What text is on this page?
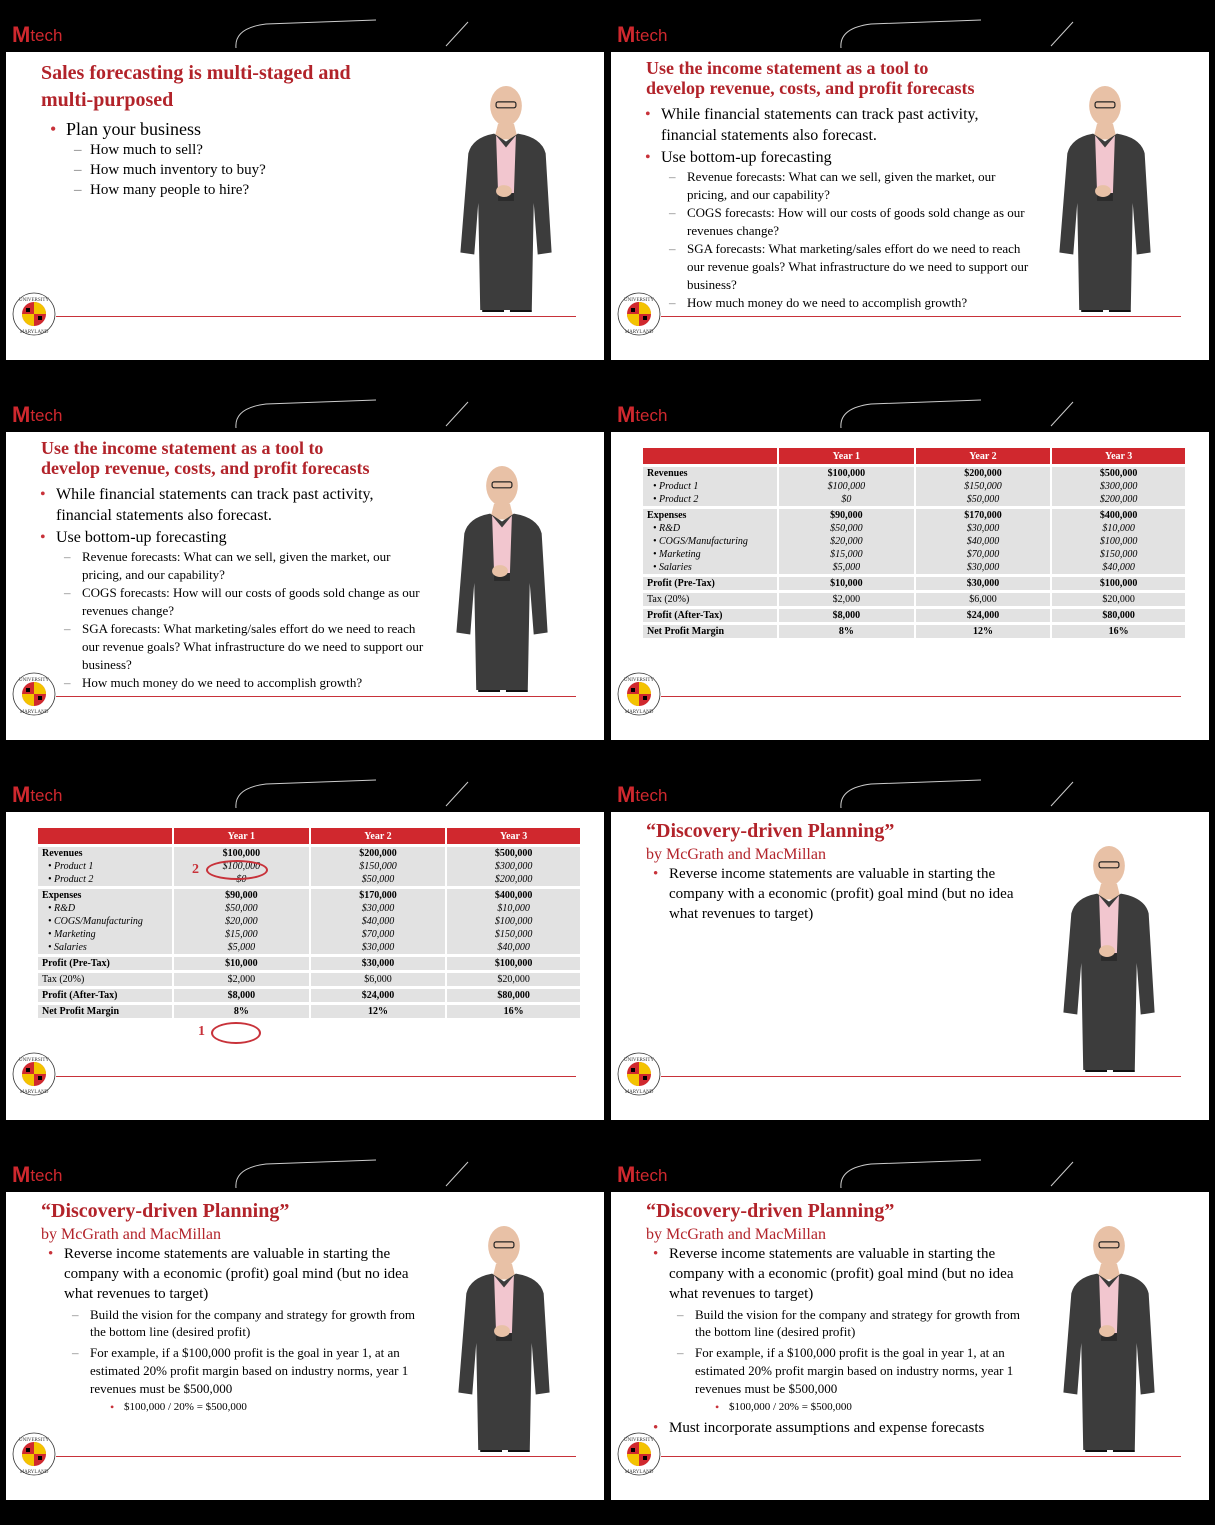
M tech
Sales forecasting is multi-staged and
multi-purposed
• Plan your business
– How much to sell?
– How much inventory to buy?
– How many people to hire?
M tech
Use the income statement as a tool to
develop revenue, costs, and profit forecasts
• While financial statements can track past activity, financial statements also forecast.
• Use bottom-up forecasting
– Revenue forecasts: What can we sell, given the market, our pricing, and our capability?
– COGS forecasts: How will our costs of goods sold change as our revenues change?
– SGA forecasts: What marketing/sales effort do we need to reach our revenue goals? What infrastructure do we need to support our business?
– How much money do we need to accomplish growth?
M tech
Use the income statement as a tool to
develop revenue, costs, and profit forecasts
• While financial statements can track past activity, financial statements also forecast.
• Use bottom-up forecasting
– Revenue forecasts: What can we sell, given the market, our pricing, and our capability?
– COGS forecasts: How will our costs of goods sold change as our revenues change?
– SGA forecasts: What marketing/sales effort do we need to reach our revenue goals? What infrastructure do we need to support our business?
– How much money do we need to accomplish growth?
M tech
	Year 1	Year 2	Year 3
Revenues	$100,000	$200,000	$500,000
• Product 1	$100,000	$150,000	$300,000
• Product 2	$0	$50,000	$200,000
Expenses	$90,000	$170,000	$400,000
• R&D	$50,000	$30,000	$10,000
• COGS/Manufacturing	$20,000	$40,000	$100,000
• Marketing	$15,000	$70,000	$150,000
• Salaries	$5,000	$30,000	$40,000
Profit (Pre-Tax)	$10,000	$30,000	$100,000
Tax (20%)	$2,000	$6,000	$20,000
Profit (After-Tax)	$8,000	$24,000	$80,000
Net Profit Margin	8%	12%	16%
M tech
	Year 1	Year 2	Year 3
Revenues	$100,000	$200,000	$500,000
• Product 1	$100,000	$150,000	$300,000
• Product 2	$0	$50,000	$200,000
Expenses	$90,000	$170,000	$400,000
• R&D	$50,000	$30,000	$10,000
• COGS/Manufacturing	$20,000	$40,000	$100,000
• Marketing	$15,000	$70,000	$150,000
• Salaries	$5,000	$30,000	$40,000
Profit (Pre-Tax)	$10,000	$30,000	$100,000
Tax (20%)	$2,000	$6,000	$20,000
Profit (After-Tax)	$8,000	$24,000	$80,000
Net Profit Margin	8%	12%	16%
2
1
M tech
“Discovery-driven Planning”
by McGrath and MacMillan
• Reverse income statements are valuable in starting the company with a economic (profit) goal mind (but no idea what revenues to target)
M tech
“Discovery-driven Planning”
by McGrath and MacMillan
• Reverse income statements are valuable in starting the company with a economic (profit) goal mind (but no idea what revenues to target)
– Build the vision for the company and strategy for growth from the bottom line (desired profit)
– For example, if a $100,000 profit is the goal in year 1, at an estimated 20% profit margin based on industry norms, year 1 revenues must be $500,000
• $100,000 / 20% = $500,000
M tech
“Discovery-driven Planning”
by McGrath and MacMillan
• Reverse income statements are valuable in starting the company with a economic (profit) goal mind (but no idea what revenues to target)
– Build the vision for the company and strategy for growth from the bottom line (desired profit)
– For example, if a $100,000 profit is the goal in year 1, at an estimated 20% profit margin based on industry norms, year 1 revenues must be $500,000
• $100,000 / 20% = $500,000
• Must incorporate assumptions and expense forecasts
